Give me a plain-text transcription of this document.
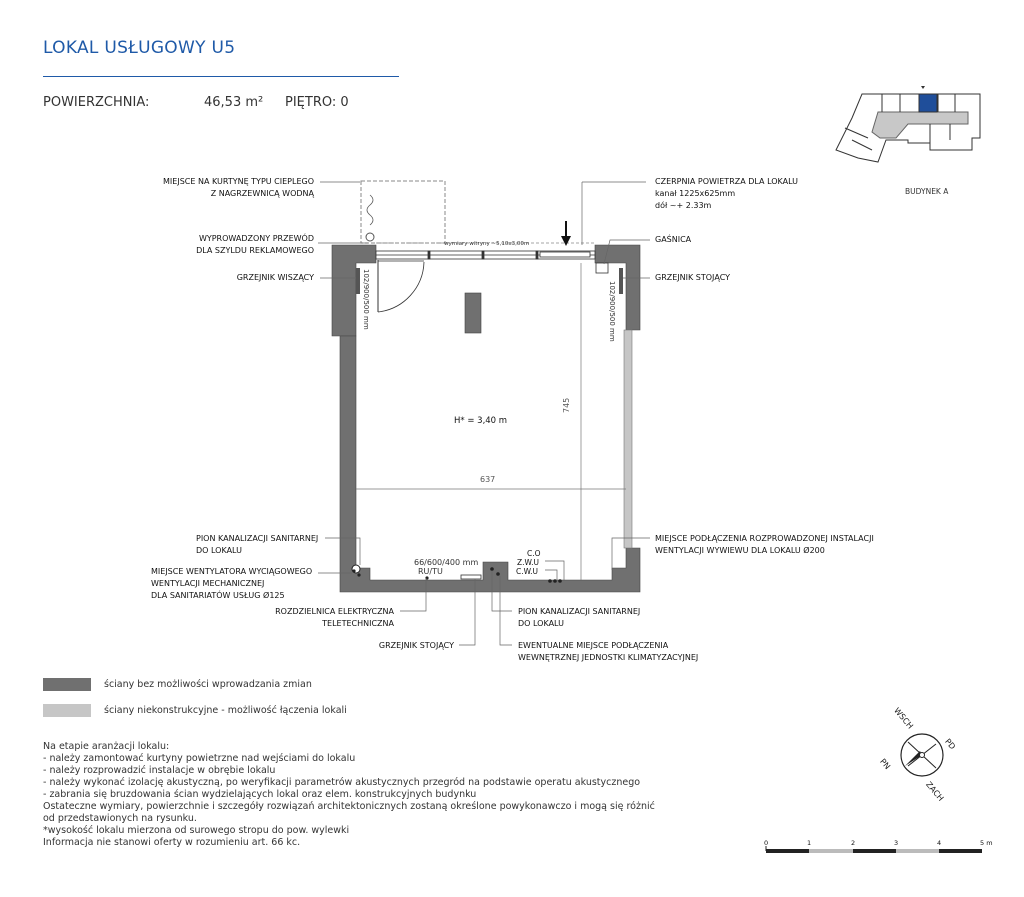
LOKAL USŁUGOWY U5
POWIERZCHNIA:	46,53 m² PIĘTRO: 0
wymiary witryny ~5,10x3,00m
H* = 3,40 m
637
745
102/900/500 mm	102/900/500 mm
66/600/400 mm
RU/TU
C.O
Z.W.U
C.W.U
MIEJSCE NA KURTYNĘ TYPU CIEPLEGO
Z NAGRZEWNICĄ WODNĄ
WYPROWADZONY PRZEWÓD
DLA SZYLDU REKLAMOWEGO
GRZEJNIK WISZĄCY
PION KANALIZACJI SANITARNEJ
DO LOKALU
MIEJSCE WENTYLATORA WYCIĄGOWEGO
WENTYLACJI MECHANICZNEJ
DLA SANITARIATÓW USŁUG Ø125
ROZDZIELNICA ELEKTRYCZNA
TELETECHNICZNA
GRZEJNIK STOJĄCY
PION KANALIZACJI SANITARNEJ
DO LOKALU
EWENTUALNE MIEJSCE PODŁĄCZENIA
WEWNĘTRZNEJ JEDNOSTKI KLIMATYZACYJNEJ
CZERPNIA POWIETRZA DLA LOKALU
kanał 1225x625mm
dół ~+ 2.33m
GAŚNICA
GRZEJNIK STOJĄCY
MIEJSCE PODŁĄCZENIA ROZPROWADZONEJ INSTALACJI
WENTYLACJI WYWIEWU DLA LOKALU Ø200
BUDYNEK A
ściany bez możliwości wprowadzania zmian
ściany niekonstrukcyjne - możliwość łączenia lokali
Na etapie aranżacji lokalu:
- należy zamontować kurtyny powietrzne nad wejściami do lokalu
- należy rozprowadzić instalacje w obrębie lokalu
- należy wykonać izolację akustyczną, po weryfikacji parametrów akustycznych przegród na podstawie operatu akustycznego
- zabrania się bruzdowania ścian wydzielających lokal oraz elem. konstrukcyjnych budynku
Ostateczne wymiary, powierzchnie i szczegóły rozwiązań architektonicznych zostaną określone powykonawczo i mogą się różnić
od przedstawionych na rysunku.
*wysokość lokalu mierzona od surowego stropu do pow. wylewki
Informacja nie stanowi oferty w rozumieniu art. 66 kc.
WSCH
PD
ZACH
PN
0	1	2	3	4	5 m
